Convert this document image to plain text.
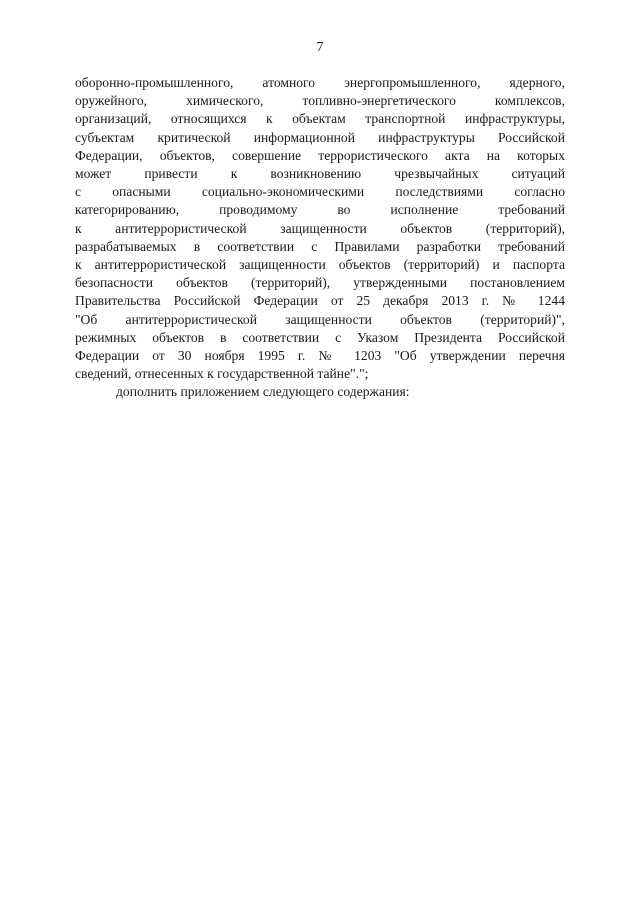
7
оборонно-промышленного, атомного энергопромышленного, ядерного,
оружейного, химического, топливно-энергетического комплексов,
организаций, относящихся к объектам транспортной инфраструктуры,
субъектам критической информационной инфраструктуры Российской
Федерации, объектов, совершение террористического акта на которых
может привести к возникновению чрезвычайных ситуаций
с опасными социально-экономическими последствиями согласно
категорированию, проводимому во исполнение требований
к антитеррористической защищенности объектов (территорий),
разрабатываемых в соответствии с Правилами разработки требований
к антитеррористической защищенности объектов (территорий) и паспорта
безопасности объектов (территорий), утвержденными постановлением
Правительства Российской Федерации от 25 декабря 2013 г. № 1244
"Об антитеррористической защищенности объектов (территорий)",
режимных объектов в соответствии с Указом Президента Российской
Федерации от 30 ноября 1995 г. № 1203 "Об утверждении перечня
сведений, отнесенных к государственной тайне".";
дополнить приложением следующего содержания:
